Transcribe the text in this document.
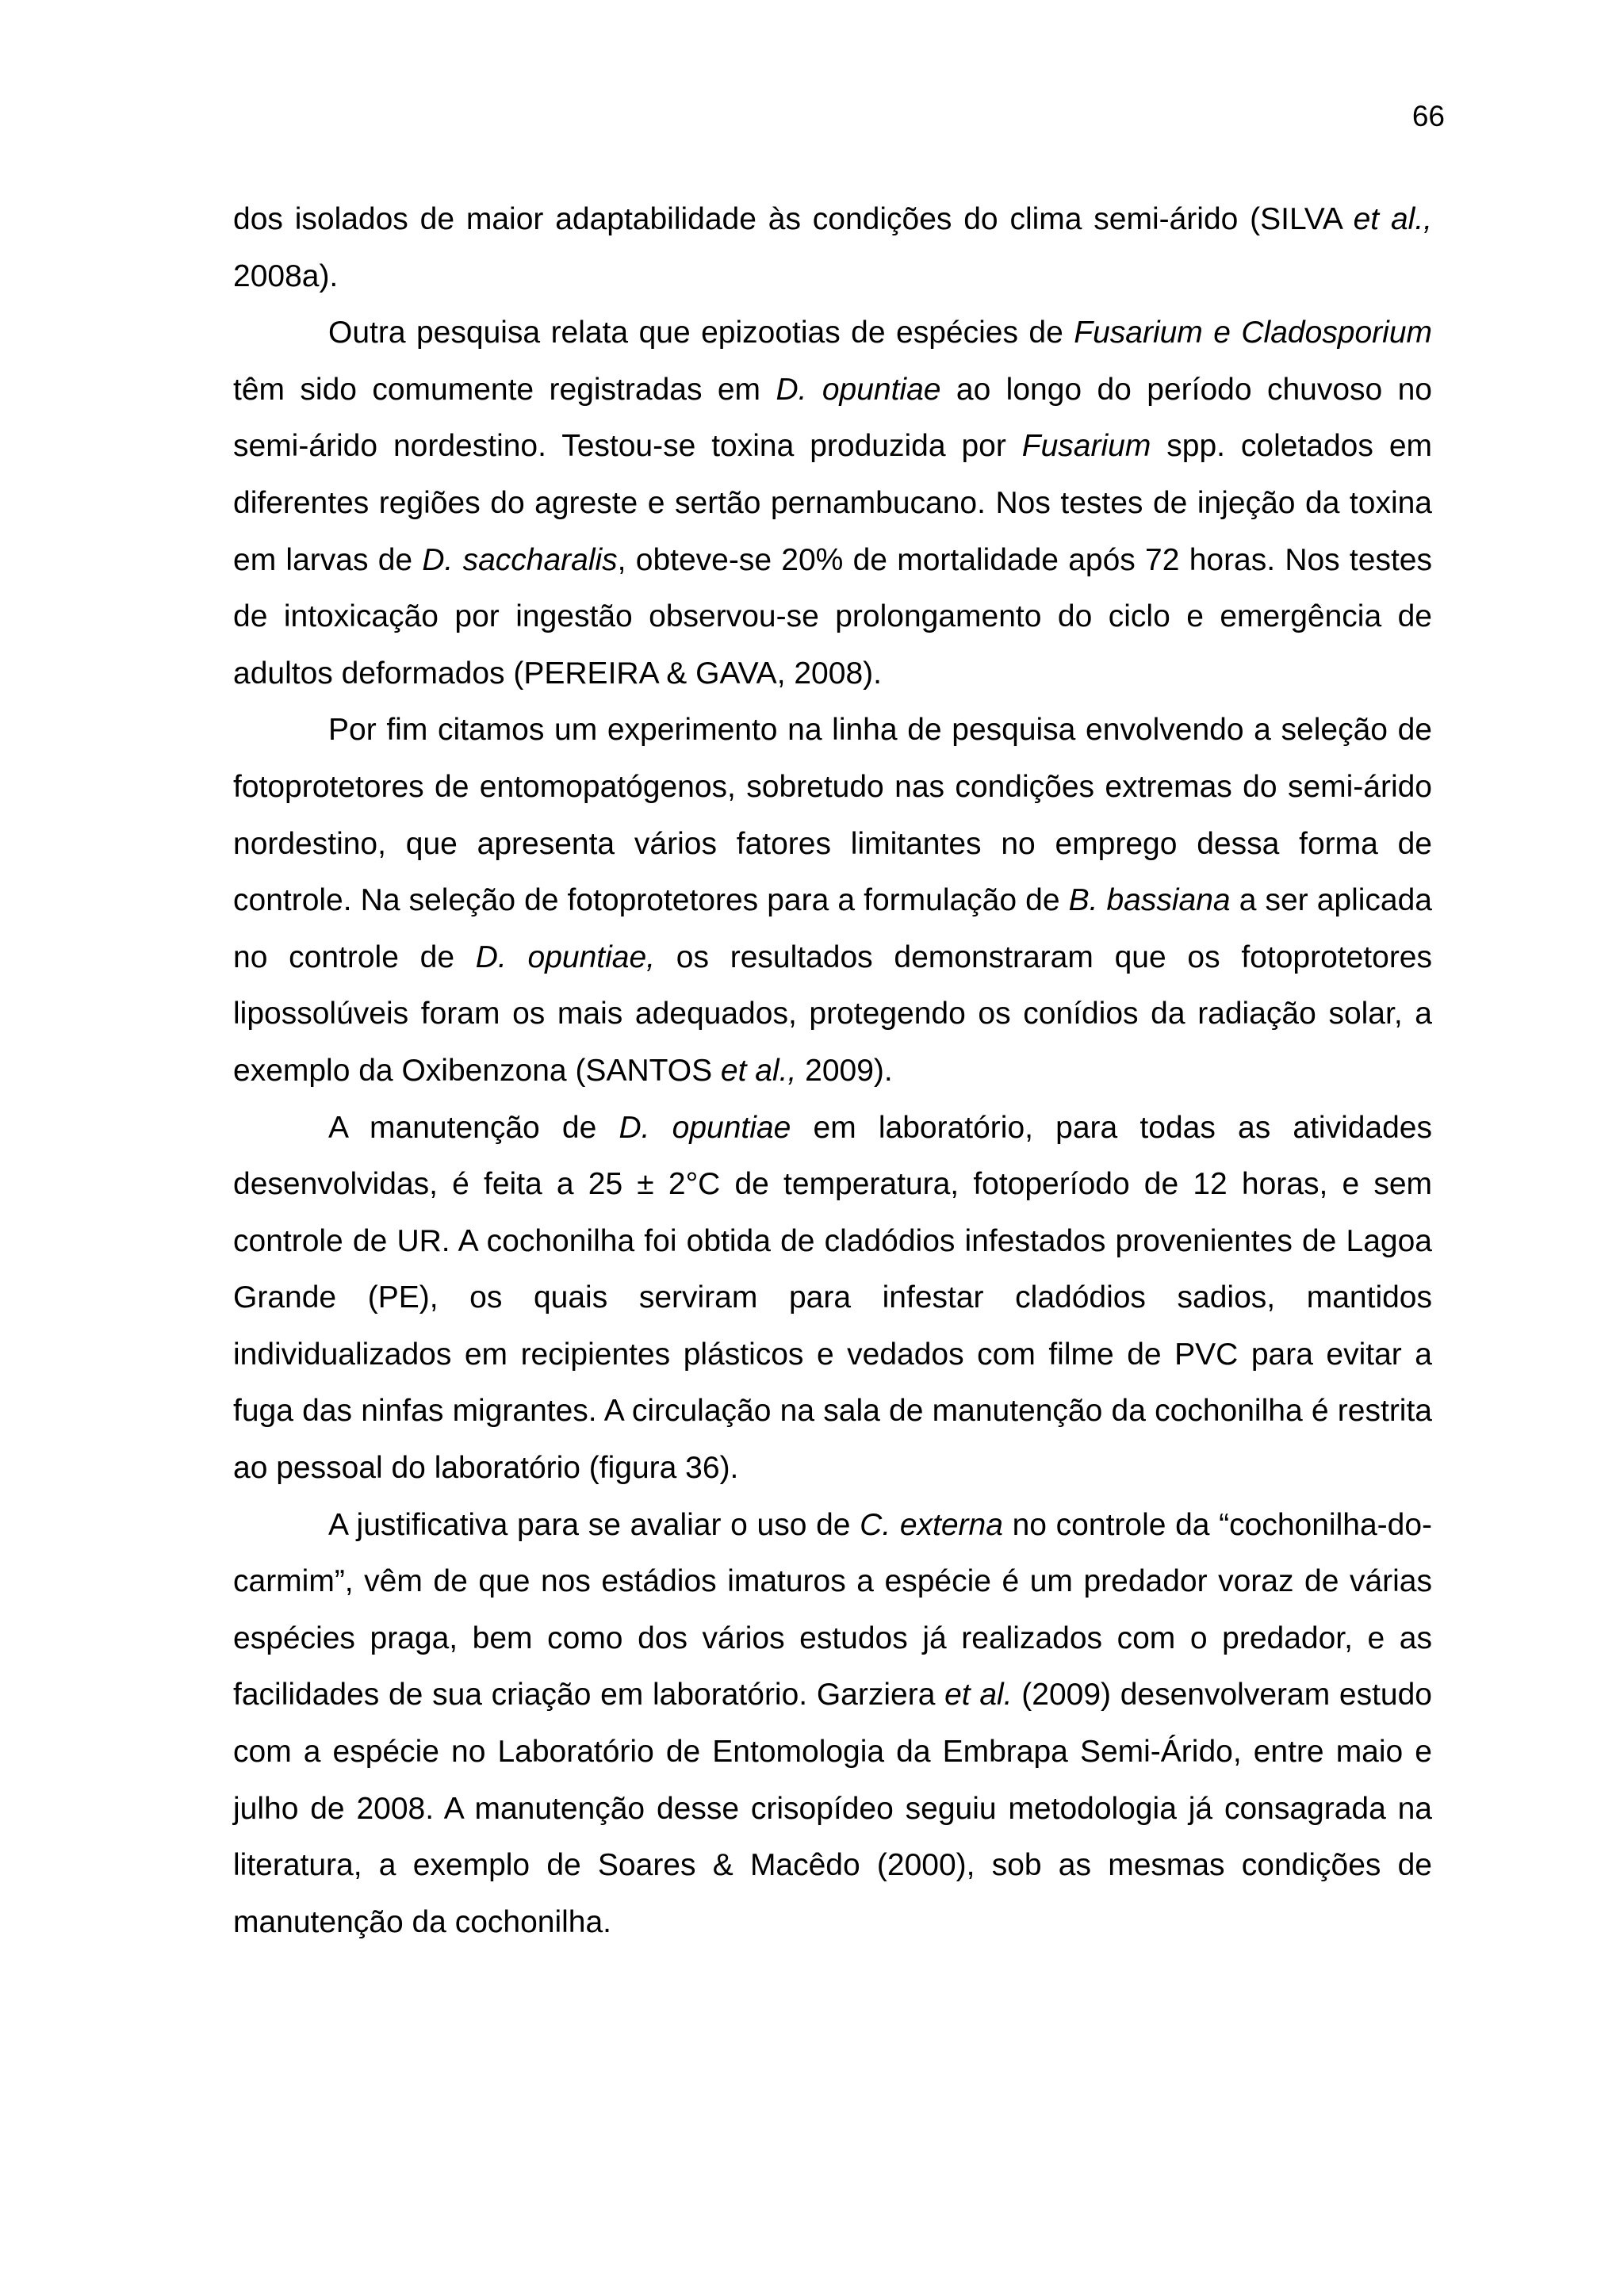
66

dos isolados de maior adaptabilidade às condições do clima semi-árido (SILVA et al., 2008a).

Outra pesquisa relata que epizootias de espécies de Fusarium e Cladosporium têm sido comumente registradas em D. opuntiae ao longo do período chuvoso no semi-árido nordestino. Testou-se toxina produzida por Fusarium spp. coletados em diferentes regiões do agreste e sertão pernambucano. Nos testes de injeção da toxina em larvas de D. saccharalis, obteve-se 20% de mortalidade após 72 horas. Nos testes de intoxicação por ingestão observou-se prolongamento do ciclo e emergência de adultos deformados (PEREIRA & GAVA, 2008).

Por fim citamos um experimento na linha de pesquisa envolvendo a seleção de fotoprotetores de entomopatógenos, sobretudo nas condições extremas do semi-árido nordestino, que apresenta vários fatores limitantes no emprego dessa forma de controle. Na seleção de fotoprotetores para a formulação de B. bassiana a ser aplicada no controle de D. opuntiae, os resultados demonstraram que os fotoprotetores lipossolúveis foram os mais adequados, protegendo os conídios da radiação solar, a exemplo da Oxibenzona (SANTOS et al., 2009).

A manutenção de D. opuntiae em laboratório, para todas as atividades desenvolvidas, é feita a 25 ± 2°C de temperatura, fotoperíodo de 12 horas, e sem controle de UR. A cochonilha foi obtida de cladódios infestados provenientes de Lagoa Grande (PE), os quais serviram para infestar cladódios sadios, mantidos individualizados em recipientes plásticos e vedados com filme de PVC para evitar a fuga das ninfas migrantes. A circulação na sala de manutenção da cochonilha é restrita ao pessoal do laboratório (figura 36).

A justificativa para se avaliar o uso de C. externa no controle da “cochonilha-do-carmim”, vêm de que nos estádios imaturos a espécie é um predador voraz de várias espécies praga, bem como dos vários estudos já realizados com o predador, e as facilidades de sua criação em laboratório. Garziera et al. (2009) desenvolveram estudo com a espécie no Laboratório de Entomologia da Embrapa Semi-Árido, entre maio e julho de 2008. A manutenção desse crisopídeo seguiu metodologia já consagrada na literatura, a exemplo de Soares & Macêdo (2000), sob as mesmas condições de manutenção da cochonilha.
